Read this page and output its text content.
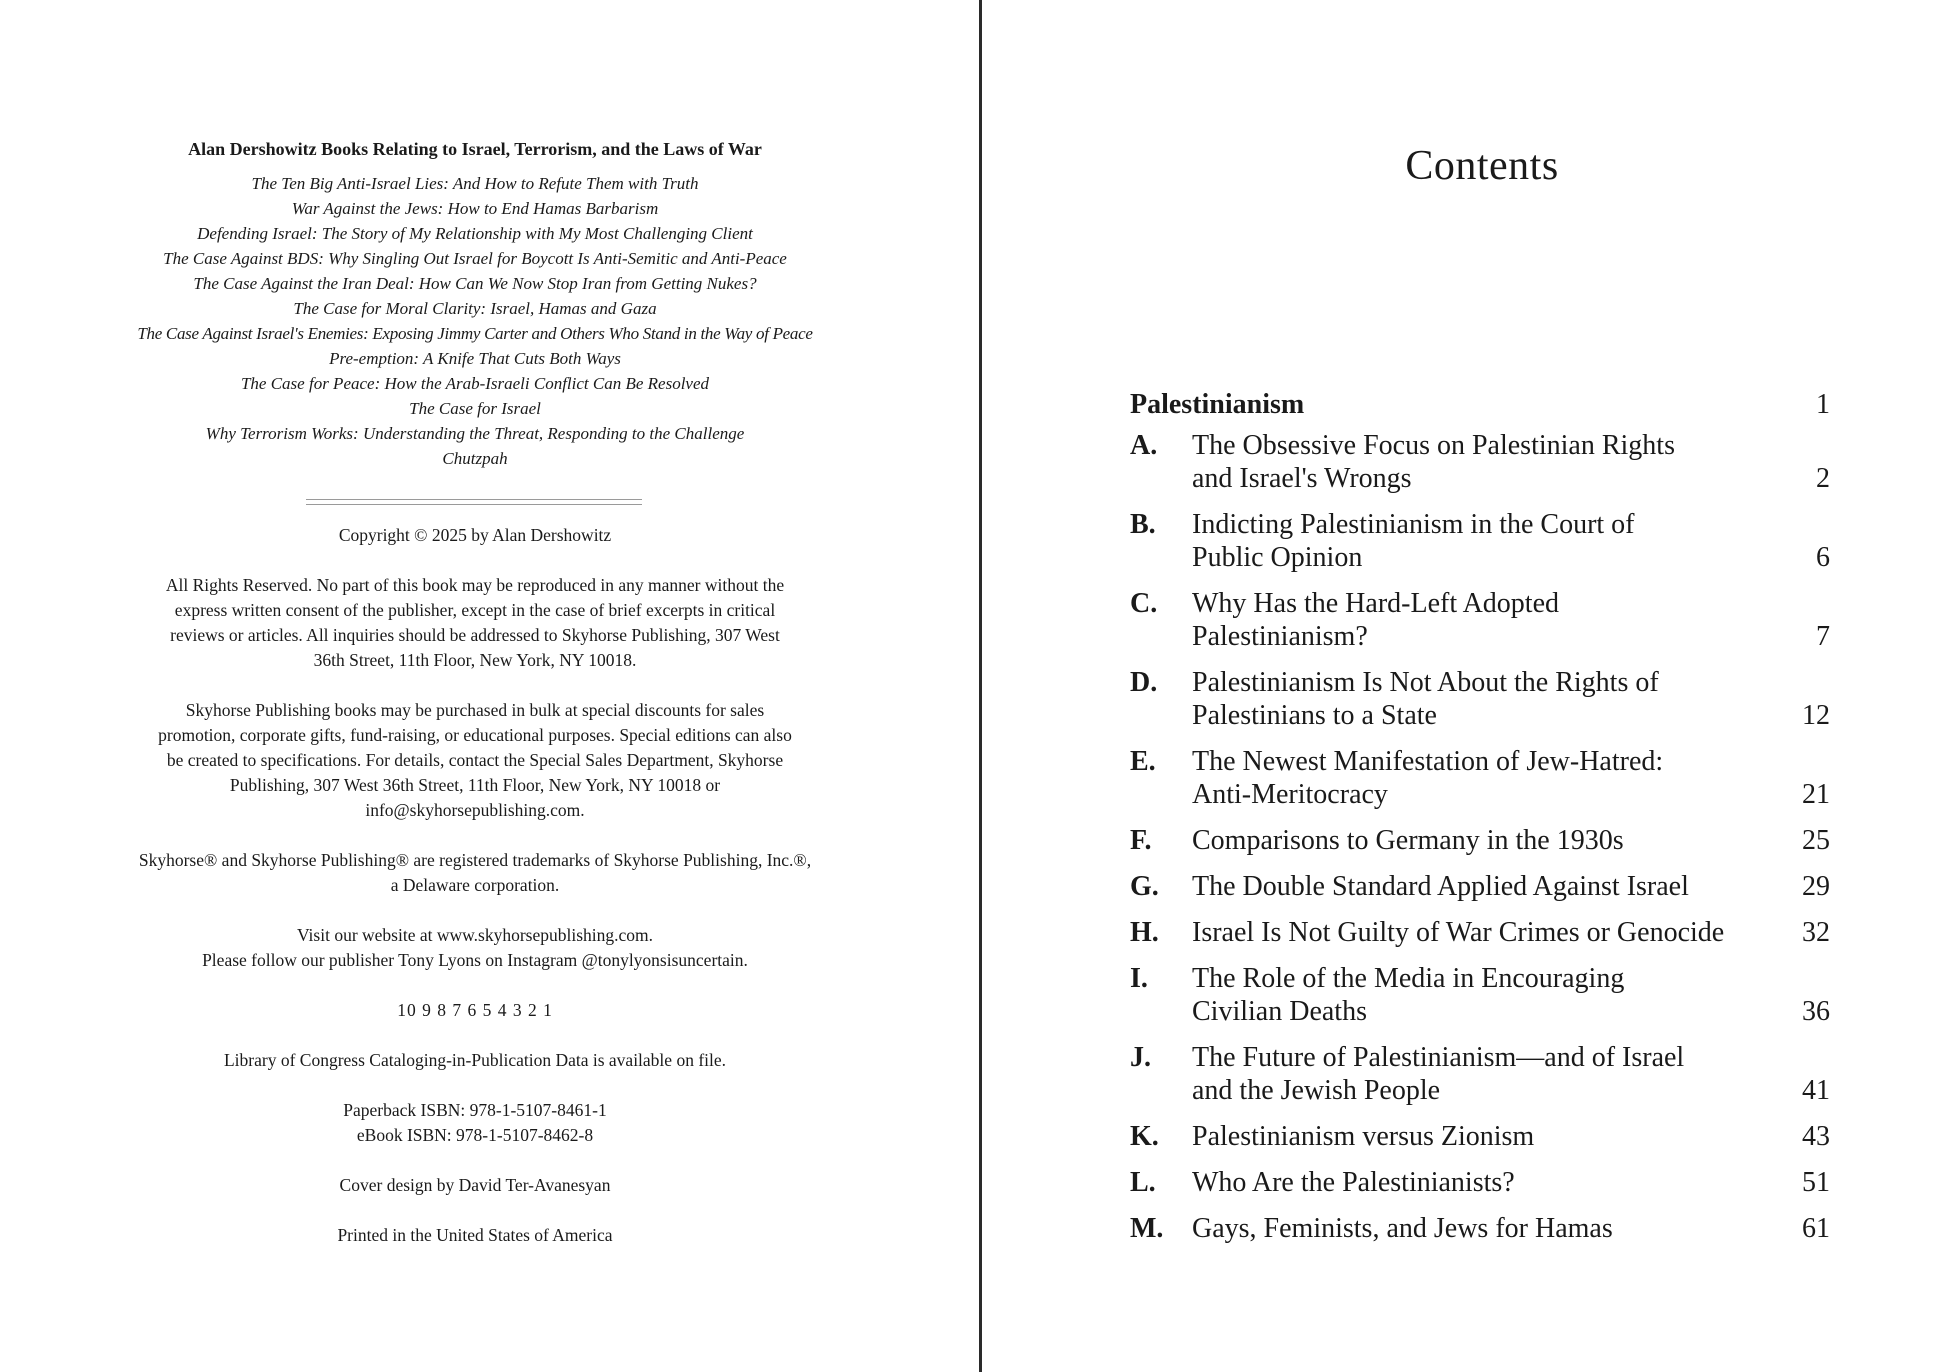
Alan Dershowitz Books Relating to Israel, Terrorism, and the Laws of War

The Ten Big Anti-Israel Lies: And How to Refute Them with Truth

War Against the Jews: How to End Hamas Barbarism

Defending Israel: The Story of My Relationship with My Most Challenging Client

The Case Against BDS: Why Singling Out Israel for Boycott Is Anti-Semitic and Anti-Peace

The Case Against the Iran Deal: How Can We Now Stop Iran from Getting Nukes?

The Case for Moral Clarity: Israel, Hamas and Gaza

The Case Against Israel's Enemies: Exposing Jimmy Carter and Others Who Stand in the Way of Peace

Pre-emption: A Knife That Cuts Both Ways

The Case for Peace: How the Arab-Israeli Conflict Can Be Resolved

The Case for Israel

Why Terrorism Works: Understanding the Threat, Responding to the Challenge

Chutzpah

Copyright © 2025 by Alan Dershowitz

All Rights Reserved. No part of this book may be reproduced in any manner without the
express written consent of the publisher, except in the case of brief excerpts in critical
reviews or articles. All inquiries should be addressed to Skyhorse Publishing, 307 West
36th Street, 11th Floor, New York, NY 10018.

Skyhorse Publishing books may be purchased in bulk at special discounts for sales
promotion, corporate gifts, fund-raising, or educational purposes. Special editions can also
be created to specifications. For details, contact the Special Sales Department, Skyhorse
Publishing, 307 West 36th Street, 11th Floor, New York, NY 10018 or
info@skyhorsepublishing.com.

Skyhorse® and Skyhorse Publishing® are registered trademarks of Skyhorse Publishing, Inc.®,
a Delaware corporation.

Visit our website at www.skyhorsepublishing.com.
Please follow our publisher Tony Lyons on Instagram @tonylyonsisuncertain.

10 9 8 7 6 5 4 3 2 1

Library of Congress Cataloging-in-Publication Data is available on file.

Paperback ISBN: 978-1-5107-8461-1
eBook ISBN: 978-1-5107-8462-8

Cover design by David Ter-Avanesyan

Printed in the United States of America

Contents
Palestinianism	1
A.	The Obsessive Focus on Palestinian Rights
and Israel's Wrongs	2
B.	Indicting Palestinianism in the Court of
Public Opinion	6
C.	Why Has the Hard-Left Adopted
Palestinianism?	7
D.	Palestinianism Is Not About the Rights of
Palestinians to a State	12
E.	The Newest Manifestation of Jew-Hatred:
Anti-Meritocracy	21
F.	Comparisons to Germany in the 1930s	25
G.	The Double Standard Applied Against Israel	29
H.	Israel Is Not Guilty of War Crimes or Genocide	32
I.	The Role of the Media in Encouraging
Civilian Deaths	36
J.	The Future of Palestinianism—and of Israel
and the Jewish People	41
K.	Palestinianism versus Zionism	43
L.	Who Are the Palestinianists?	51
M.	Gays, Feminists, and Jews for Hamas	61
